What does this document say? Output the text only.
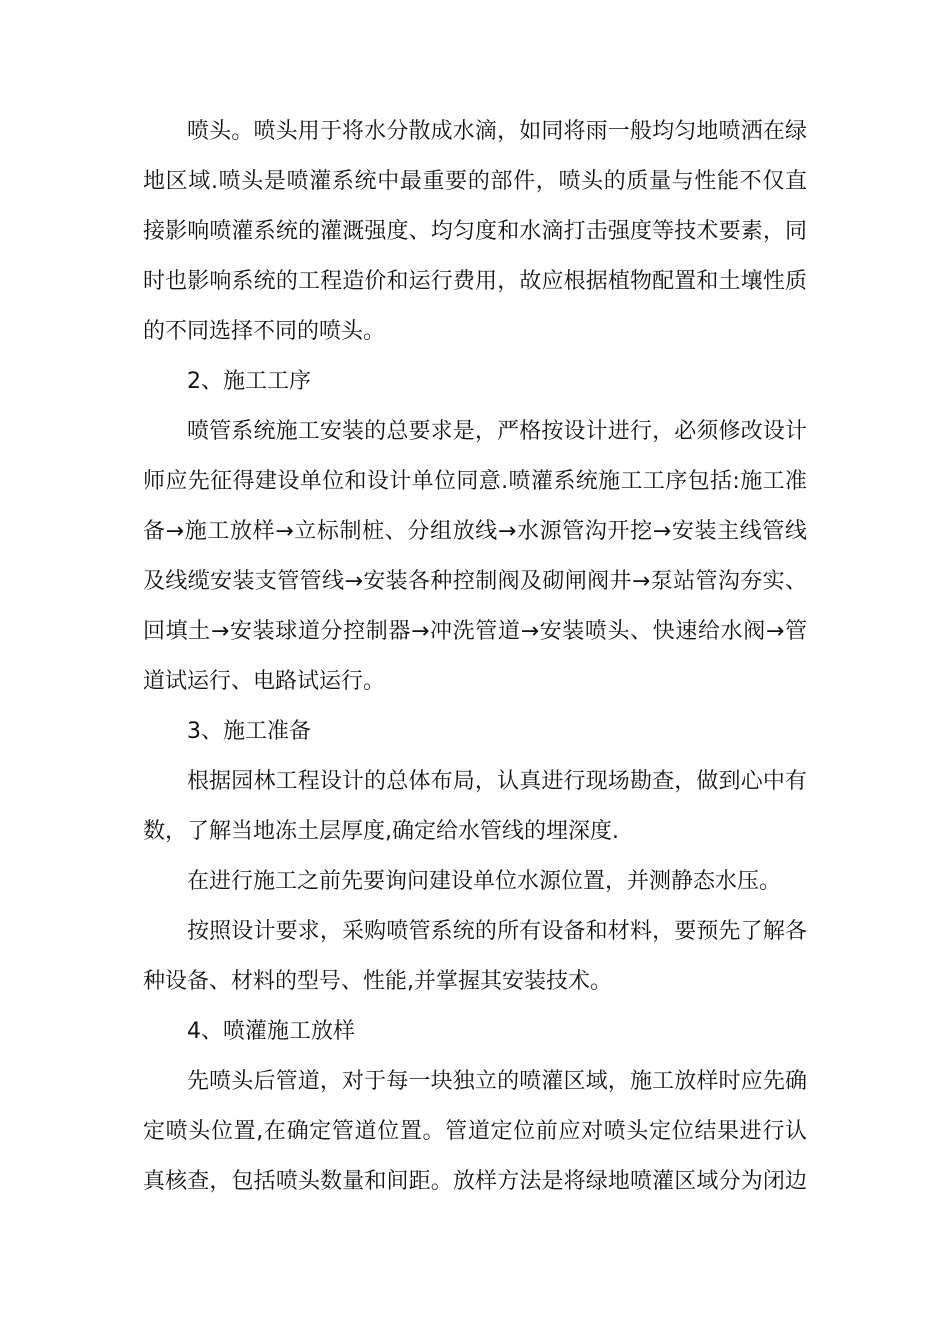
喷头。喷头用于将水分散成水滴，如同将雨一般均匀地喷洒在绿
地区域.喷头是喷灌系统中最重要的部件，喷头的质量与性能不仅直
接影响喷灌系统的灌溉强度、均匀度和水滴打击强度等技术要素，同
时也影响系统的工程造价和运行费用，故应根据植物配置和土壤性质
的不同选择不同的喷头。
2、施工工序
喷管系统施工安装的总要求是，严格按设计进行，必须修改设计
师应先征得建设单位和设计单位同意.喷灌系统施工工序包括:施工准
备→施工放样→立标制桩、分组放线→水源管沟开挖→安装主线管线
及线缆安装支管管线→安装各种控制阀及砌闸阀井→泵站管沟夯实、
回填土→安装球道分控制器→冲洗管道→安装喷头、快速给水阀→管
道试运行、电路试运行。
3、施工准备
根据园林工程设计的总体布局，认真进行现场勘查，做到心中有
数，了解当地冻土层厚度,确定给水管线的埋深度.
在进行施工之前先要询问建设单位水源位置，并测静态水压。
按照设计要求，采购喷管系统的所有设备和材料，要预先了解各
种设备、材料的型号、性能,并掌握其安装技术。
4、喷灌施工放样
先喷头后管道，对于每一块独立的喷灌区域，施工放样时应先确
定喷头位置,在确定管道位置。管道定位前应对喷头定位结果进行认
真核查，包括喷头数量和间距。放样方法是将绿地喷灌区域分为闭边
